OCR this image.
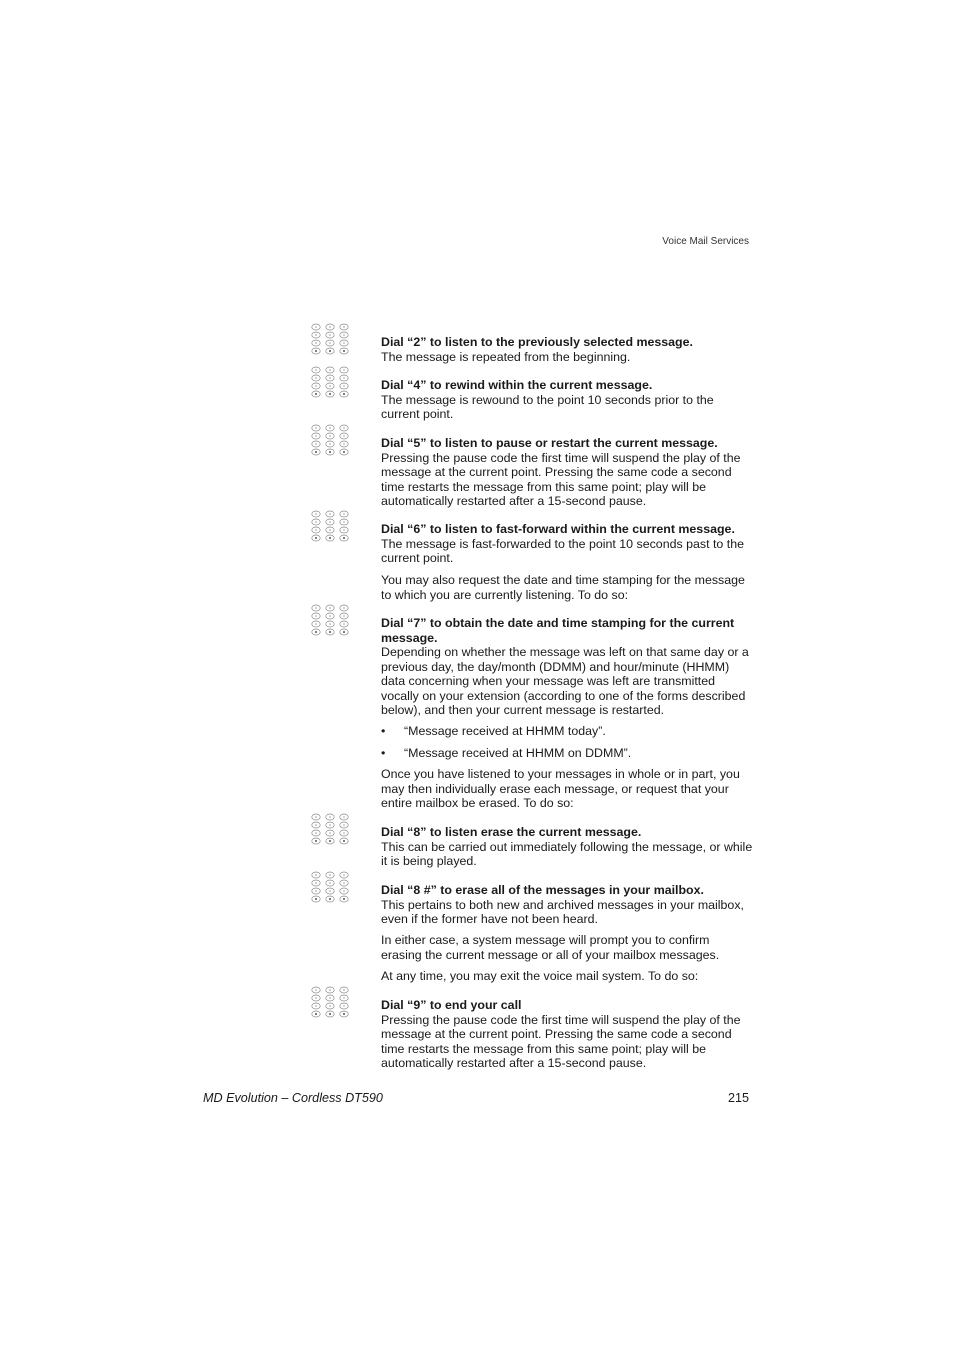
Voice Mail Services
Dial “2” to listen to the previously selected message.
The message is repeated from the beginning.
Dial “4” to rewind within the current message.
The message is rewound to the point 10 seconds prior to the current point.
Dial “5” to listen to pause or restart the current message.
Pressing the pause code the first time will suspend the play of the message at the current point. Pressing the same code a second time restarts the message from this same point; play will be automatically restarted after a 15-second pause.
Dial “6” to listen to fast-forward within the current message.
The message is fast-forwarded to the point 10 seconds past to the current point.
You may also request the date and time stamping for the message to which you are currently listening. To do so:
Dial “7” to obtain the date and time stamping for the current message.
Depending on whether the message was left on that same day or a previous day, the day/month (DDMM) and hour/minute (HHMM) data concerning when your message was left are transmitted vocally on your extension (according to one of the forms described below), and then your current message is restarted.
• “Message received at HHMM today”.
• “Message received at HHMM on DDMM”.
Once you have listened to your messages in whole or in part, you may then individually erase each message, or request that your entire mailbox be erased. To do so:
Dial “8” to listen erase the current message.
This can be carried out immediately following the message, or while it is being played.
Dial “8 #” to erase all of the messages in your mailbox.
This pertains to both new and archived messages in your mailbox, even if the former have not been heard.
In either case, a system message will prompt you to confirm erasing the current message or all of your mailbox messages.
At any time, you may exit the voice mail system. To do so:
Dial “9” to end your call
Pressing the pause code the first time will suspend the play of the message at the current point. Pressing the same code a second time restarts the message from this same point; play will be automatically restarted after a 15-second pause.
MD Evolution – Cordless DT590	215
